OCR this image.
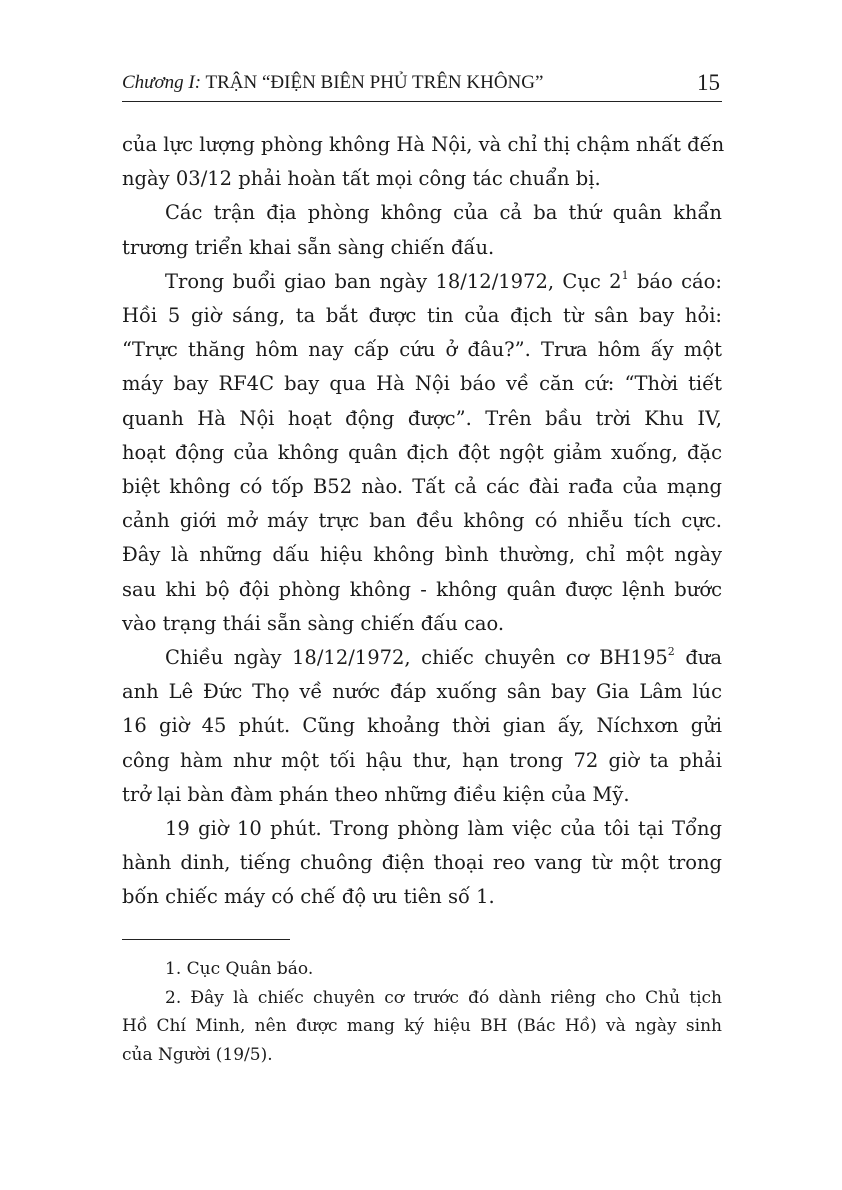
Chương I: TRẬN “ĐIỆN BIÊN PHỦ TRÊN KHÔNG”	15

của lực lượng phòng không Hà Nội, và chỉ thị chậm nhất đến
ngày 03/12 phải hoàn tất mọi công tác chuẩn bị.

Các trận địa phòng không của cả ba thứ quân khẩn
trương triển khai sẵn sàng chiến đấu.

Trong buổi giao ban ngày 18/12/1972, Cục $2^1$ báo cáo:
Hồi 5 giờ sáng, ta bắt được tin của địch từ sân bay hỏi:
“Trực thăng hôm nay cấp cứu ở đâu?”. Trưa hôm ấy một
máy bay RF4C bay qua Hà Nội báo về căn cứ: “Thời tiết
quanh Hà Nội hoạt động được”. Trên bầu trời Khu IV,
hoạt động của không quân địch đột ngột giảm xuống, đặc
biệt không có tốp B52 nào. Tất cả các đài rađa của mạng
cảnh giới mở máy trực ban đều không có nhiễu tích cực.
Đây là những dấu hiệu không bình thường, chỉ một ngày
sau khi bộ đội phòng không - không quân được lệnh bước
vào trạng thái sẵn sàng chiến đấu cao.

Chiều ngày 18/12/1972, chiếc chuyên cơ $BH195^2$ đưa
anh Lê Đức Thọ về nước đáp xuống sân bay Gia Lâm lúc
16 giờ 45 phút. Cũng khoảng thời gian ấy, Níchxơn gửi
công hàm như một tối hậu thư, hạn trong 72 giờ ta phải
trở lại bàn đàm phán theo những điều kiện của Mỹ.

19 giờ 10 phút. Trong phòng làm việc của tôi tại Tổng
hành dinh, tiếng chuông điện thoại reo vang từ một trong
bốn chiếc máy có chế độ ưu tiên số 1.

1. Cục Quân báo.

2. Đây là chiếc chuyên cơ trước đó dành riêng cho Chủ tịch
Hồ Chí Minh, nên được mang ký hiệu BH (Bác Hồ) và ngày sinh
của Người (19/5).
